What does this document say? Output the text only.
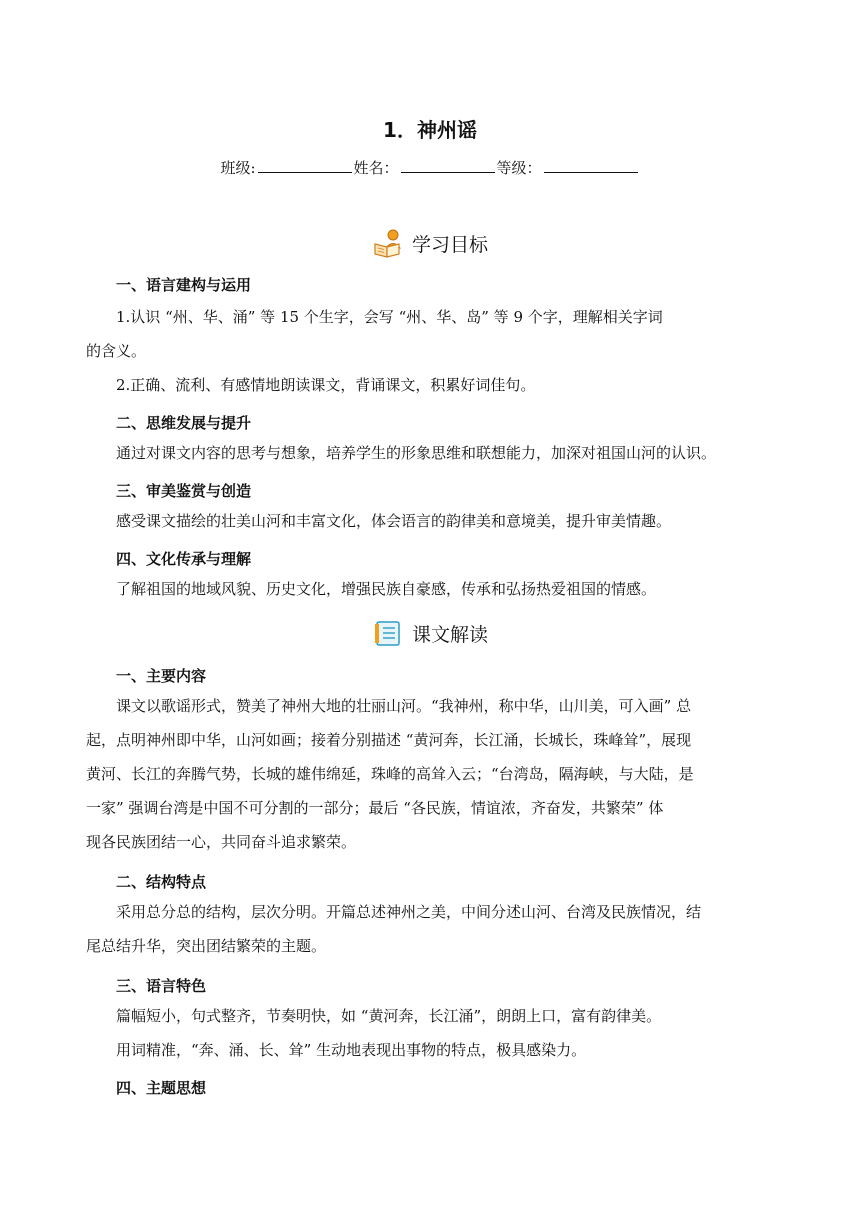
1．神州谣
班级:	姓名：	等级：
学习目标
一、语言建构与运用
1.认识 “州、华、涌” 等 15 个生字，会写 “州、华、岛” 等 9 个字，理解相关字词
的含义。
2.正确、流利、有感情地朗读课文，背诵课文，积累好词佳句。
二、思维发展与提升
通过对课文内容的思考与想象，培养学生的形象思维和联想能力，加深对祖国山河的认识。
三、审美鉴赏与创造
感受课文描绘的壮美山河和丰富文化，体会语言的韵律美和意境美，提升审美情趣。
四、文化传承与理解
了解祖国的地域风貌、历史文化，增强民族自豪感，传承和弘扬热爱祖国的情感。
课文解读
一、主要内容
课文以歌谣形式，赞美了神州大地的壮丽山河。“我神州，称中华，山川美，可入画” 总
起，点明神州即中华，山河如画；接着分别描述 “黄河奔，长江涌，长城长，珠峰耸”，展现
黄河、长江的奔腾气势，长城的雄伟绵延，珠峰的高耸入云；“台湾岛，隔海峡，与大陆，是
一家” 强调台湾是中国不可分割的一部分；最后 “各民族，情谊浓，齐奋发，共繁荣” 体
现各民族团结一心，共同奋斗追求繁荣。
二、结构特点
采用总分总的结构，层次分明。开篇总述神州之美，中间分述山河、台湾及民族情况，结
尾总结升华，突出团结繁荣的主题。
三、语言特色
篇幅短小，句式整齐，节奏明快，如 “黄河奔，长江涌”，朗朗上口，富有韵律美。
用词精准，“奔、涌、长、耸” 生动地表现出事物的特点，极具感染力。
四、主题思想
